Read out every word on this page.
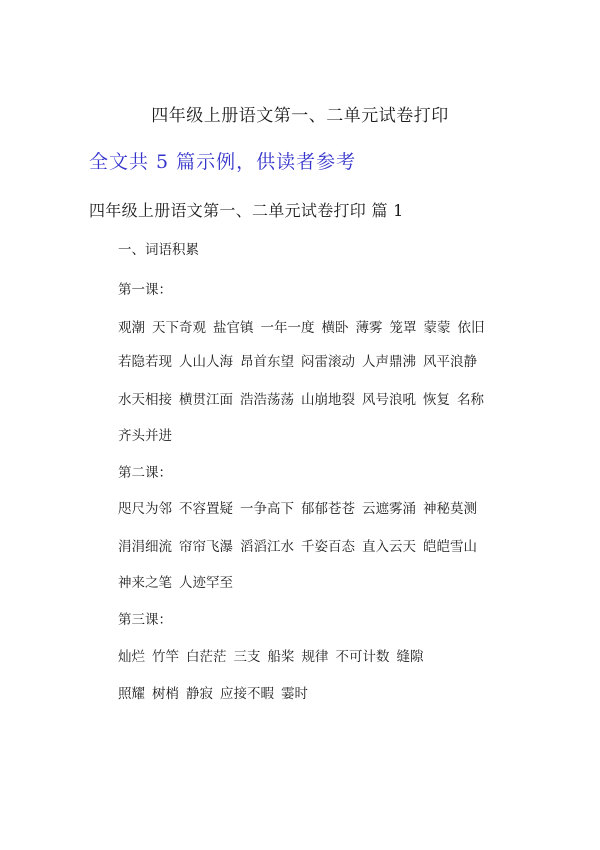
四年级上册语文第一、二单元试卷打印

全文共 5 篇示例，供读者参考

四年级上册语文第一、二单元试卷打印 篇 1
一、词语积累

第一课：

观潮 天下奇观 盐官镇 一年一度 横卧 薄雾 笼罩 蒙蒙 依旧

若隐若现 人山人海 昂首东望 闷雷滚动 人声鼎沸 风平浪静

水天相接 横贯江面 浩浩荡荡 山崩地裂 风号浪吼 恢复 名称

齐头并进

第二课：

咫尺为邻 不容置疑 一争高下 郁郁苍苍 云遮雾涌 神秘莫测

涓涓细流 帘帘飞瀑 滔滔江水 千姿百态 直入云天 皑皑雪山

神来之笔 人迹罕至

第三课：

灿烂 竹竿 白茫茫 三支 船桨 规律 不可计数 缝隙

照耀 树梢 静寂 应接不暇 霎时
